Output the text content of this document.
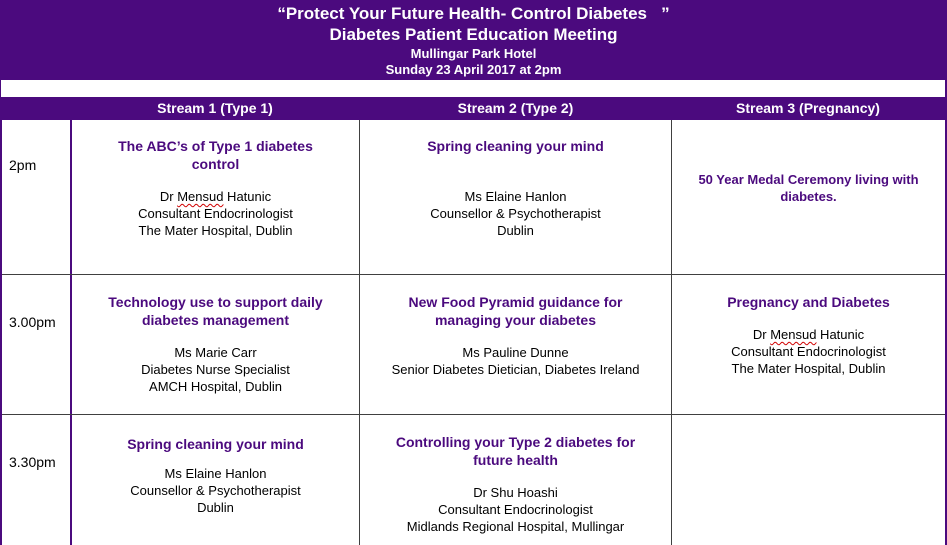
“Protect Your Future Health- Control Diabetes   ”
Diabetes Patient Education Meeting
Mullingar Park Hotel
Sunday 23 April 2017 at 2pm
Stream 1 (Type 1)	Stream 2 (Type 2)	Stream 3 (Pregnancy)
2pm
3.00pm
3.30pm
The ABC’s of Type 1 diabetes
control
Dr Mensud Hatunic
Consultant Endocrinologist
The Mater Hospital, Dublin
Spring cleaning your mind
Ms Elaine Hanlon
Counsellor & Psychotherapist
Dublin
50 Year Medal Ceremony living with
diabetes.
Technology use to support daily
diabetes management
Ms Marie Carr
Diabetes Nurse Specialist
AMCH Hospital, Dublin
New Food Pyramid guidance for
managing your diabetes
Ms Pauline Dunne
Senior Diabetes Dietician, Diabetes Ireland
Pregnancy and Diabetes
Dr Mensud Hatunic
Consultant Endocrinologist
The Mater Hospital, Dublin
Spring cleaning your mind
Ms Elaine Hanlon
Counsellor & Psychotherapist
Dublin
Controlling your Type 2 diabetes for
future health
Dr Shu Hoashi
Consultant Endocrinologist
Midlands Regional Hospital, Mullingar
